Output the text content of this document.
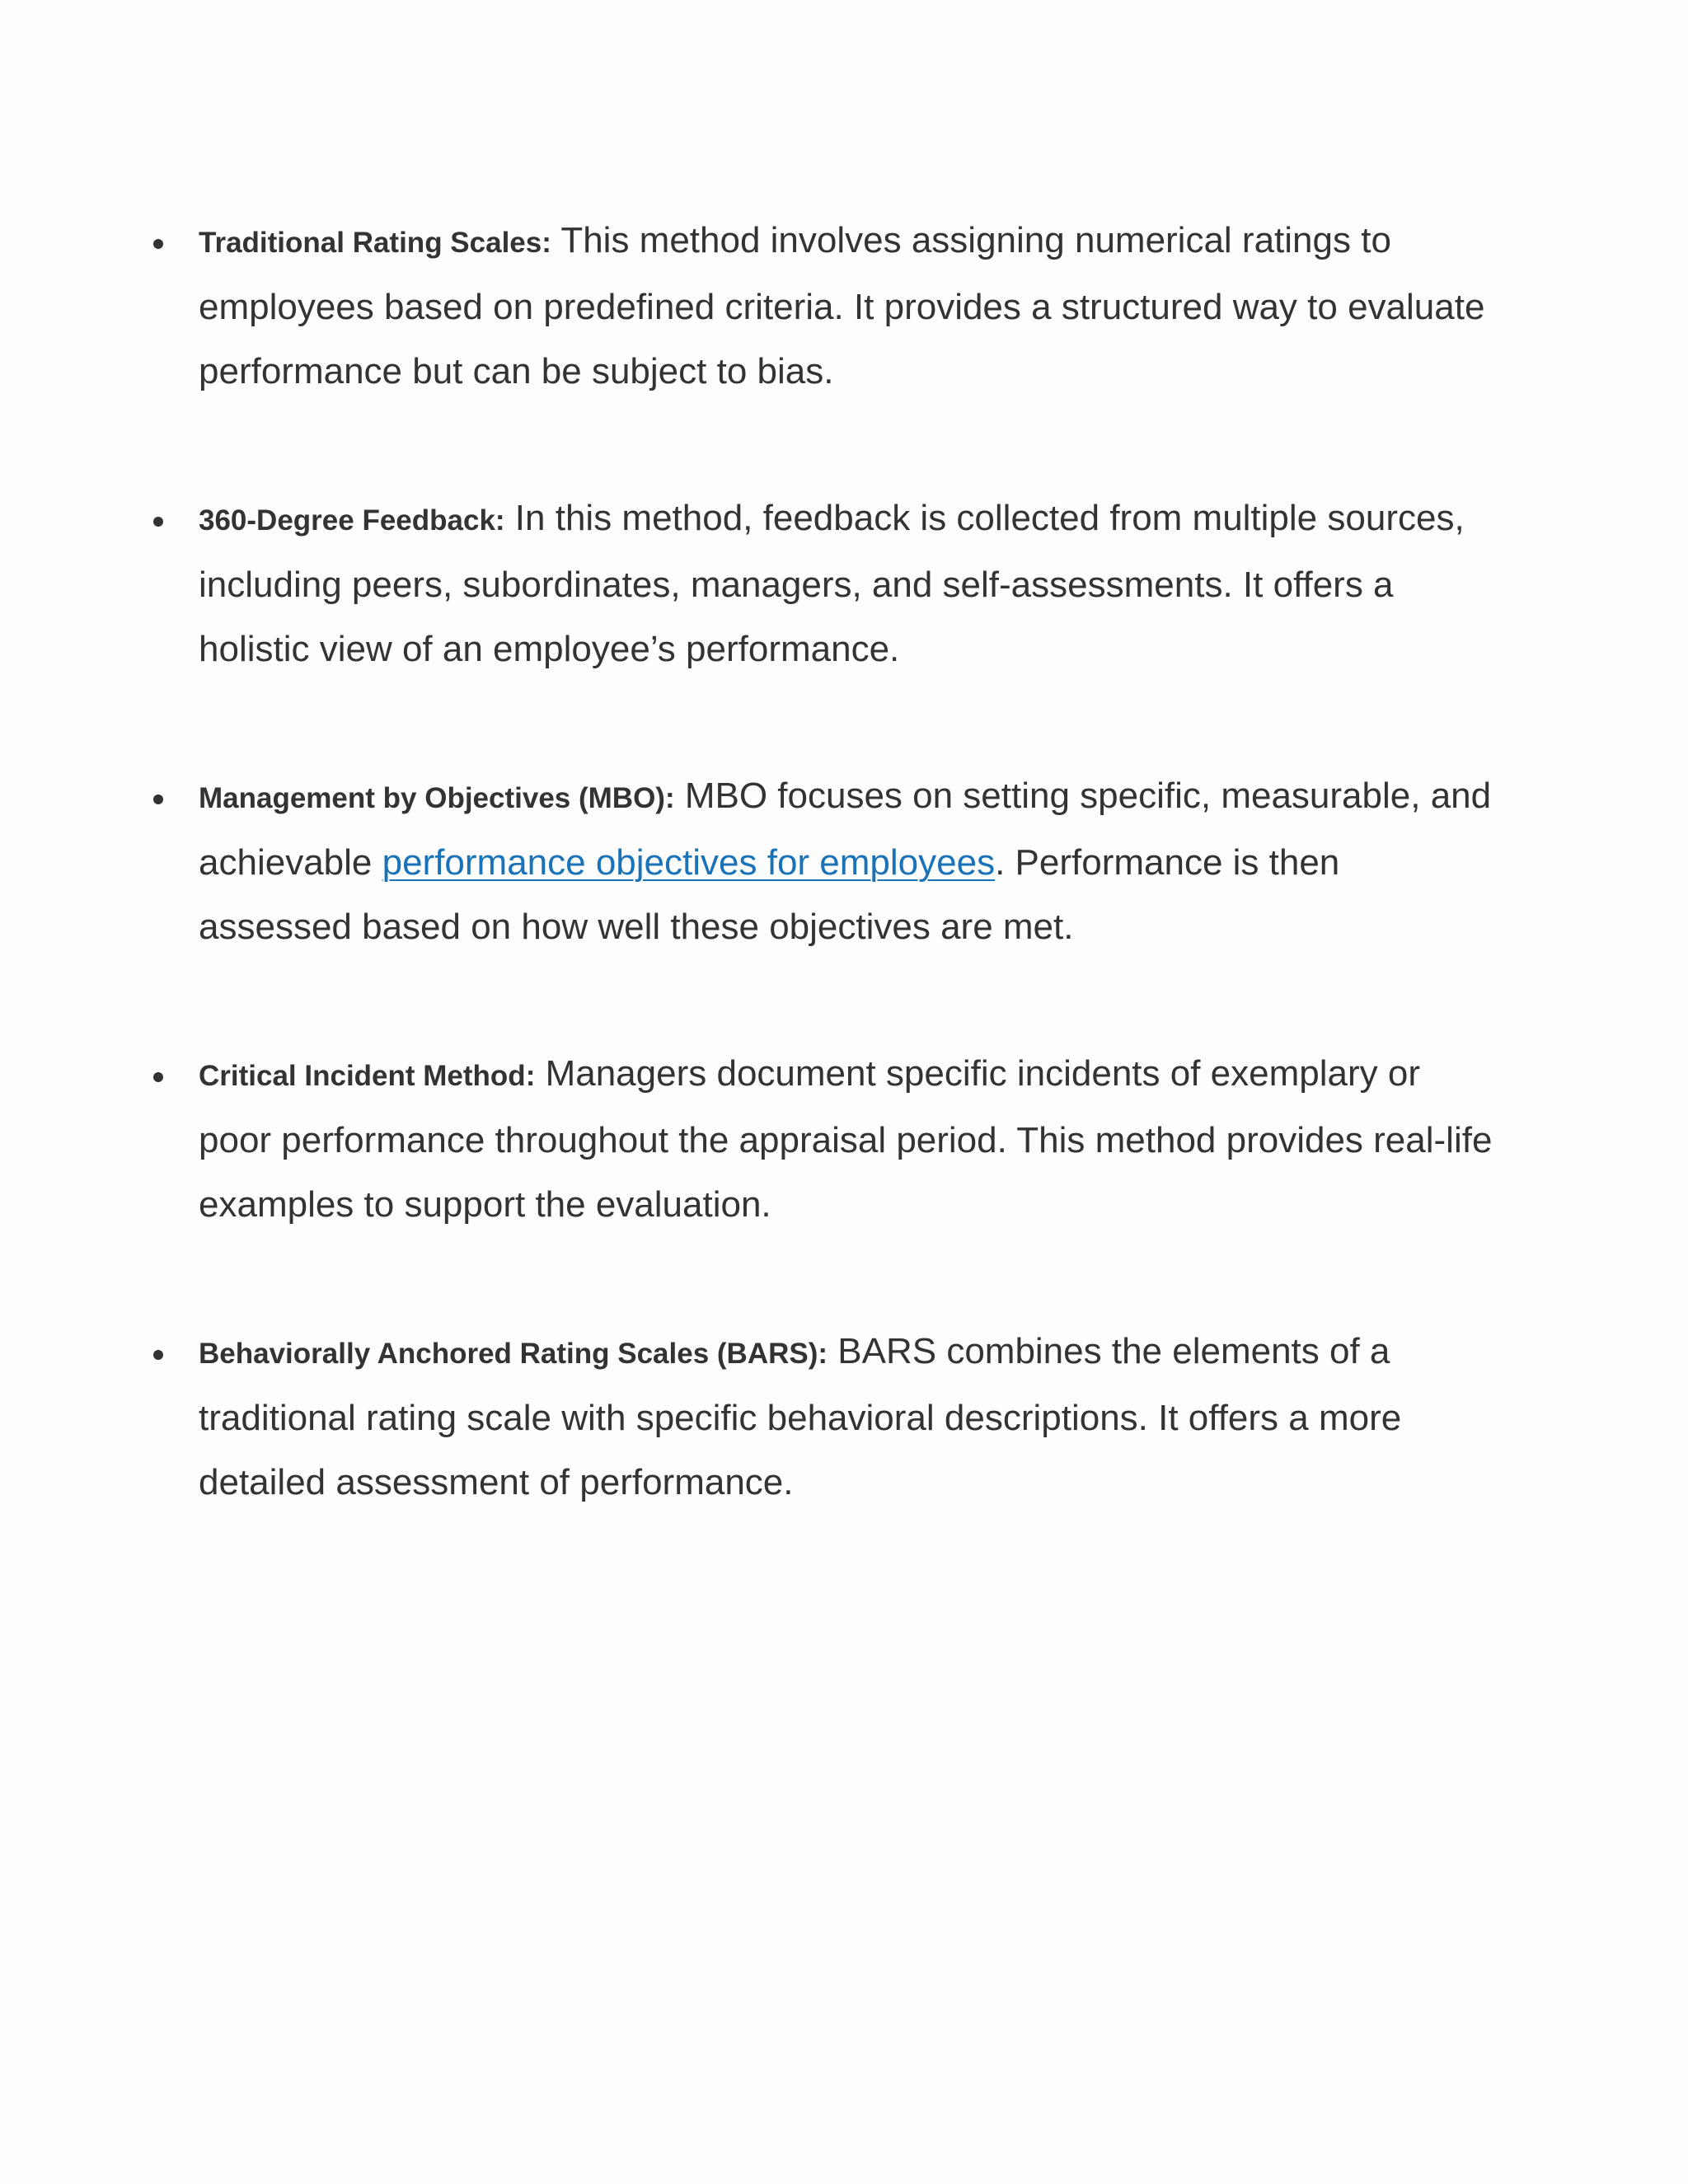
Traditional Rating Scales: This method involves assigning numerical ratings to employees based on predefined criteria. It provides a structured way to evaluate performance but can be subject to bias.

360-Degree Feedback: In this method, feedback is collected from multiple sources, including peers, subordinates, managers, and self-assessments. It offers a holistic view of an employee’s performance.

Management by Objectives (MBO): MBO focuses on setting specific, measurable, and achievable performance objectives for employees. Performance is then assessed based on how well these objectives are met.

Critical Incident Method: Managers document specific incidents of exemplary or poor performance throughout the appraisal period. This method provides real-life examples to support the evaluation.

Behaviorally Anchored Rating Scales (BARS): BARS combines the elements of a traditional rating scale with specific behavioral descriptions. It offers a more detailed assessment of performance.
